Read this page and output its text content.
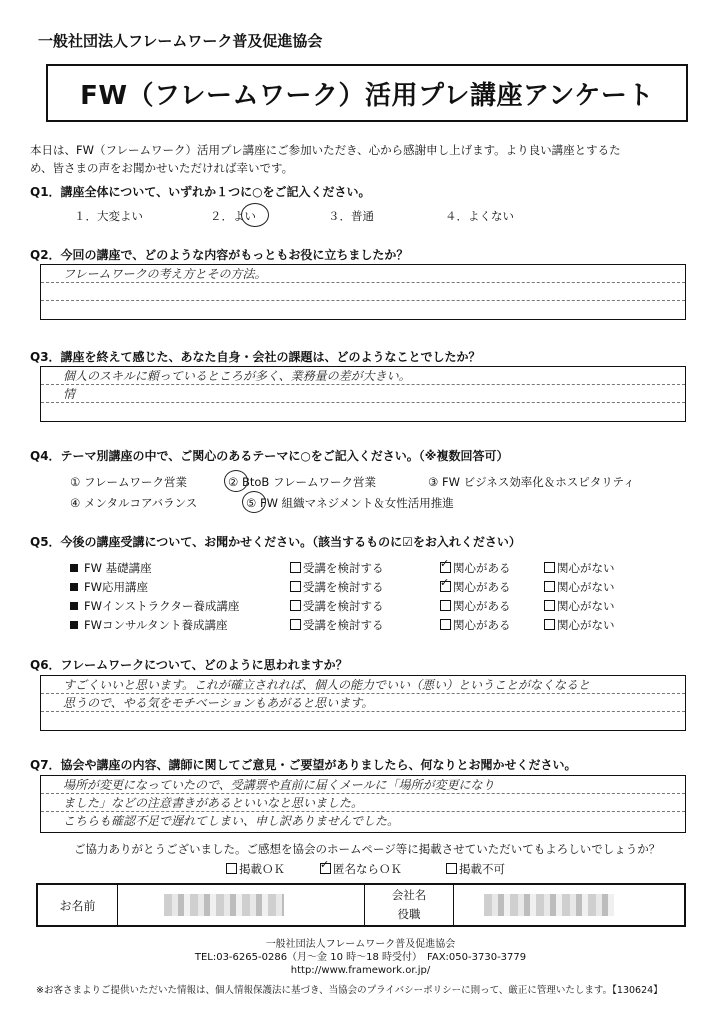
一般社団法人フレームワーク普及促進協会
FW（フレームワーク）活用プレ講座アンケート
本日は、FW（フレームワーク）活用プレ講座にご参加いただき、心から感謝申し上げます。より良い講座とするた
め、皆さまの声をお聞かせいただければ幸いです。
Q1．講座全体について、いずれか１つに○をご記入ください。
１．大変よい	２．よい	３．普通	４．よくない
Q2．今回の講座で、どのような内容がもっともお役に立ちましたか？
フレームワークの考え方とその方法。
Q3．講座を終えて感じた、あなた自身・会社の課題は、どのようなことでしたか？
個人のスキルに頼っているところが多く、業務量の差が大きい。
情
Q4．テーマ別講座の中で、ご関心のあるテーマに○をご記入ください。（※複数回答可）
① フレームワーク営業	② BtoB フレームワーク営業	③ FW ビジネス効率化＆ホスピタリティ
④ メンタルコアバランス	⑤ FW 組織マネジメント＆女性活用推進
Q5．今後の講座受講について、お聞かせください。（該当するものに☑をお入れください）
FW 基礎講座	受講を検討する	✓関心がある	関心がない
FW応用講座	受講を検討する	✓関心がある	関心がない
FWインストラクター養成講座	受講を検討する	関心がある	関心がない
FWコンサルタント養成講座	受講を検討する	関心がある	関心がない
Q6．フレームワークについて、どのように思われますか？
すごくいいと思います。これが確立されれば、個人の能力でいい（悪い）ということがなくなると
思うので、やる気をモチベーションもあがると思います。
Q7．協会や講座の内容、講師に関してご意見・ご要望がありましたら、何なりとお聞かせください。
場所が変更になっていたので、受講票や直前に届くメールに「場所が変更になり
ました」などの注意書きがあるといいなと思いました。
こちらも確認不足で遅れてしまい、申し訳ありませんでした。
ご協力ありがとうございました。ご感想を協会のホームページ等に掲載させていただいてもよろしいでしょうか？
掲載ＯＫ ✓	匿名ならＯＫ	掲載不可
お名前
会社名
役職
一般社団法人フレームワーク普及促進協会
TEL:03-6265-0286（月～金 10 時～18 時受付）　FAX:050-3730-3779
http://www.framework.or.jp/
※お客さまよりご提供いただいた情報は、個人情報保護法に基づき、当協会のプライバシーポリシーに則って、厳正に管理いたします。【130624】
